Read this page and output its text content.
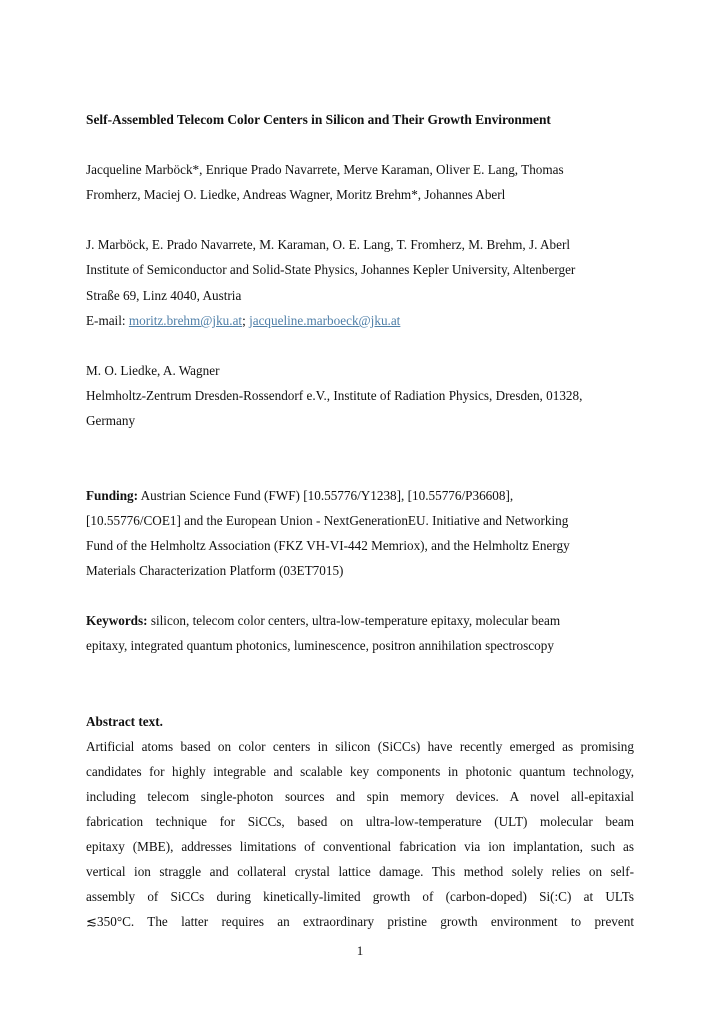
Self-Assembled Telecom Color Centers in Silicon and Their Growth Environment
Jacqueline Marböck*, Enrique Prado Navarrete, Merve Karaman, Oliver E. Lang, Thomas
Fromherz, Maciej O. Liedke, Andreas Wagner, Moritz Brehm*, Johannes Aberl
J. Marböck, E. Prado Navarrete, M. Karaman, O. E. Lang, T. Fromherz, M. Brehm, J. Aberl
Institute of Semiconductor and Solid-State Physics, Johannes Kepler University, Altenberger
Straße 69, Linz 4040, Austria
E-mail: moritz.brehm@jku.at; jacqueline.marboeck@jku.at
M. O. Liedke, A. Wagner
Helmholtz-Zentrum Dresden-Rossendorf e.V., Institute of Radiation Physics, Dresden, 01328,
Germany
Funding: Austrian Science Fund (FWF) [10.55776/Y1238], [10.55776/P36608],
[10.55776/COE1] and the European Union - NextGenerationEU. Initiative and Networking
Fund of the Helmholtz Association (FKZ VH-VI-442 Memriox), and the Helmholtz Energy
Materials Characterization Platform (03ET7015)
Keywords: silicon, telecom color centers, ultra-low-temperature epitaxy, molecular beam
epitaxy, integrated quantum photonics, luminescence, positron annihilation spectroscopy
Abstract text.
Artificial atoms based on color centers in silicon (SiCCs) have recently emerged as promising
candidates for highly integrable and scalable key components in photonic quantum technology,
including telecom single-photon sources and spin memory devices. A novel all-epitaxial
fabrication technique for SiCCs, based on ultra-low-temperature (ULT) molecular beam
epitaxy (MBE), addresses limitations of conventional fabrication via ion implantation, such as
vertical ion straggle and collateral crystal lattice damage. This method solely relies on self-
assembly of SiCCs during kinetically-limited growth of (carbon-doped) Si(:C) at ULTs
≲350°C. The latter requires an extraordinary pristine growth environment to prevent
1
